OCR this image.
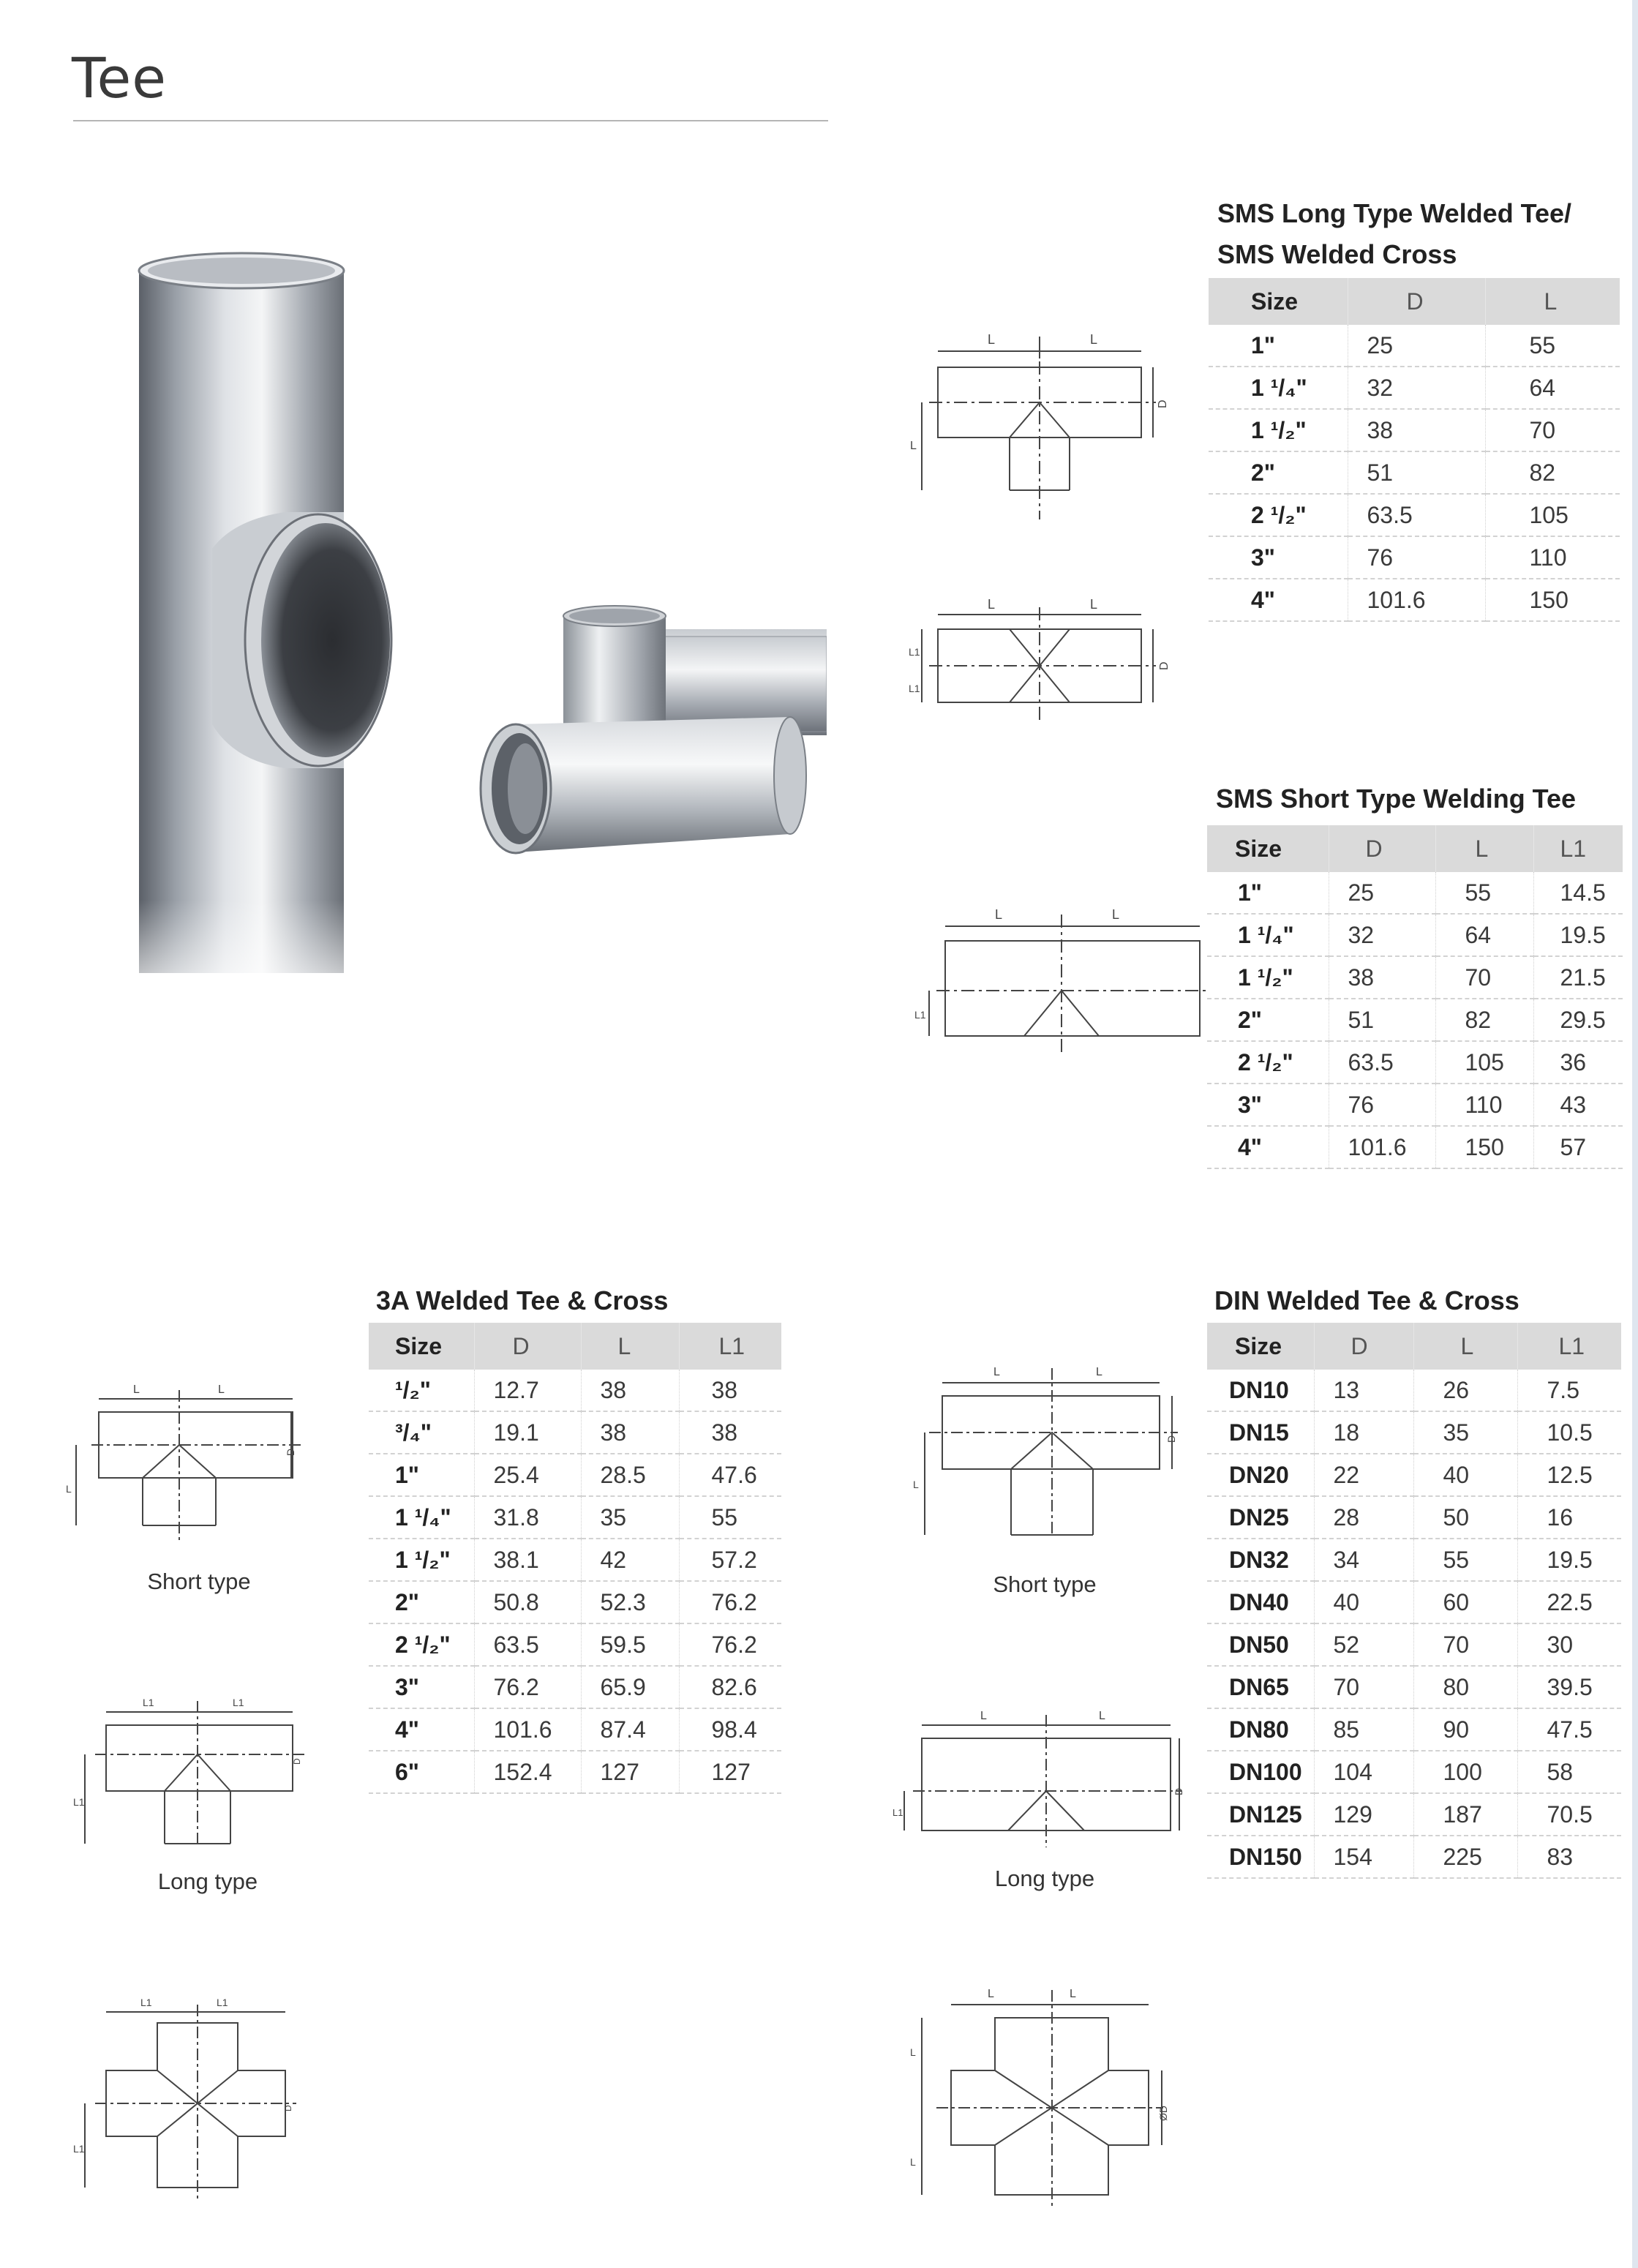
Tee

SMS Long Type Welded Tee/

SMS Welded Cross

Size	D	L
1"	25	55
1 ¹/₄"	32	64
1 ¹/₂"	38	70
2"	51	82
2 ¹/₂"	63.5	105
3"	76	110
4"	101.6	150
L	L
D
L
L	L
D
L1
L1

SMS Short Type Welding Tee

Size	D	L	L1
1"	25	55	14.5
1 ¹/₄"	32	64	19.5
1 ¹/₂"	38	70	21.5
2"	51	82	29.5
2 ¹/₂"	63.5	105	36
3"	76	110	43
4"	101.6	150	57
L	L
L1

3A Welded Tee & Cross

Size	D	L	L1
¹/₂"	12.7	38	38
³/₄"	19.1	38	38
1"	25.4	28.5	47.6
1 ¹/₄"	31.8	35	55
1 ¹/₂"	38.1	42	57.2
2"	50.8	52.3	76.2
2 ¹/₂"	63.5	59.5	76.2
3"	76.2	65.9	82.6
4"	101.6	87.4	98.4
6"	152.4	127	127
L	L
D
L
Short type
L1	L1
D
L1
Long type
L1	L1
D
L1

DIN Welded Tee & Cross

Size	D	L	L1
DN10	13	26	7.5
DN15	18	35	10.5
DN20	22	40	12.5
DN25	28	50	16
DN32	34	55	19.5
DN40	40	60	22.5
DN50	52	70	30
DN65	70	80	39.5
DN80	85	90	47.5
DN100	104	100	58
DN125	129	187	70.5
DN150	154	225	83
L	L
D
L
Short type
L	L
D
L1
Long type
L	L
ØD
L
L
